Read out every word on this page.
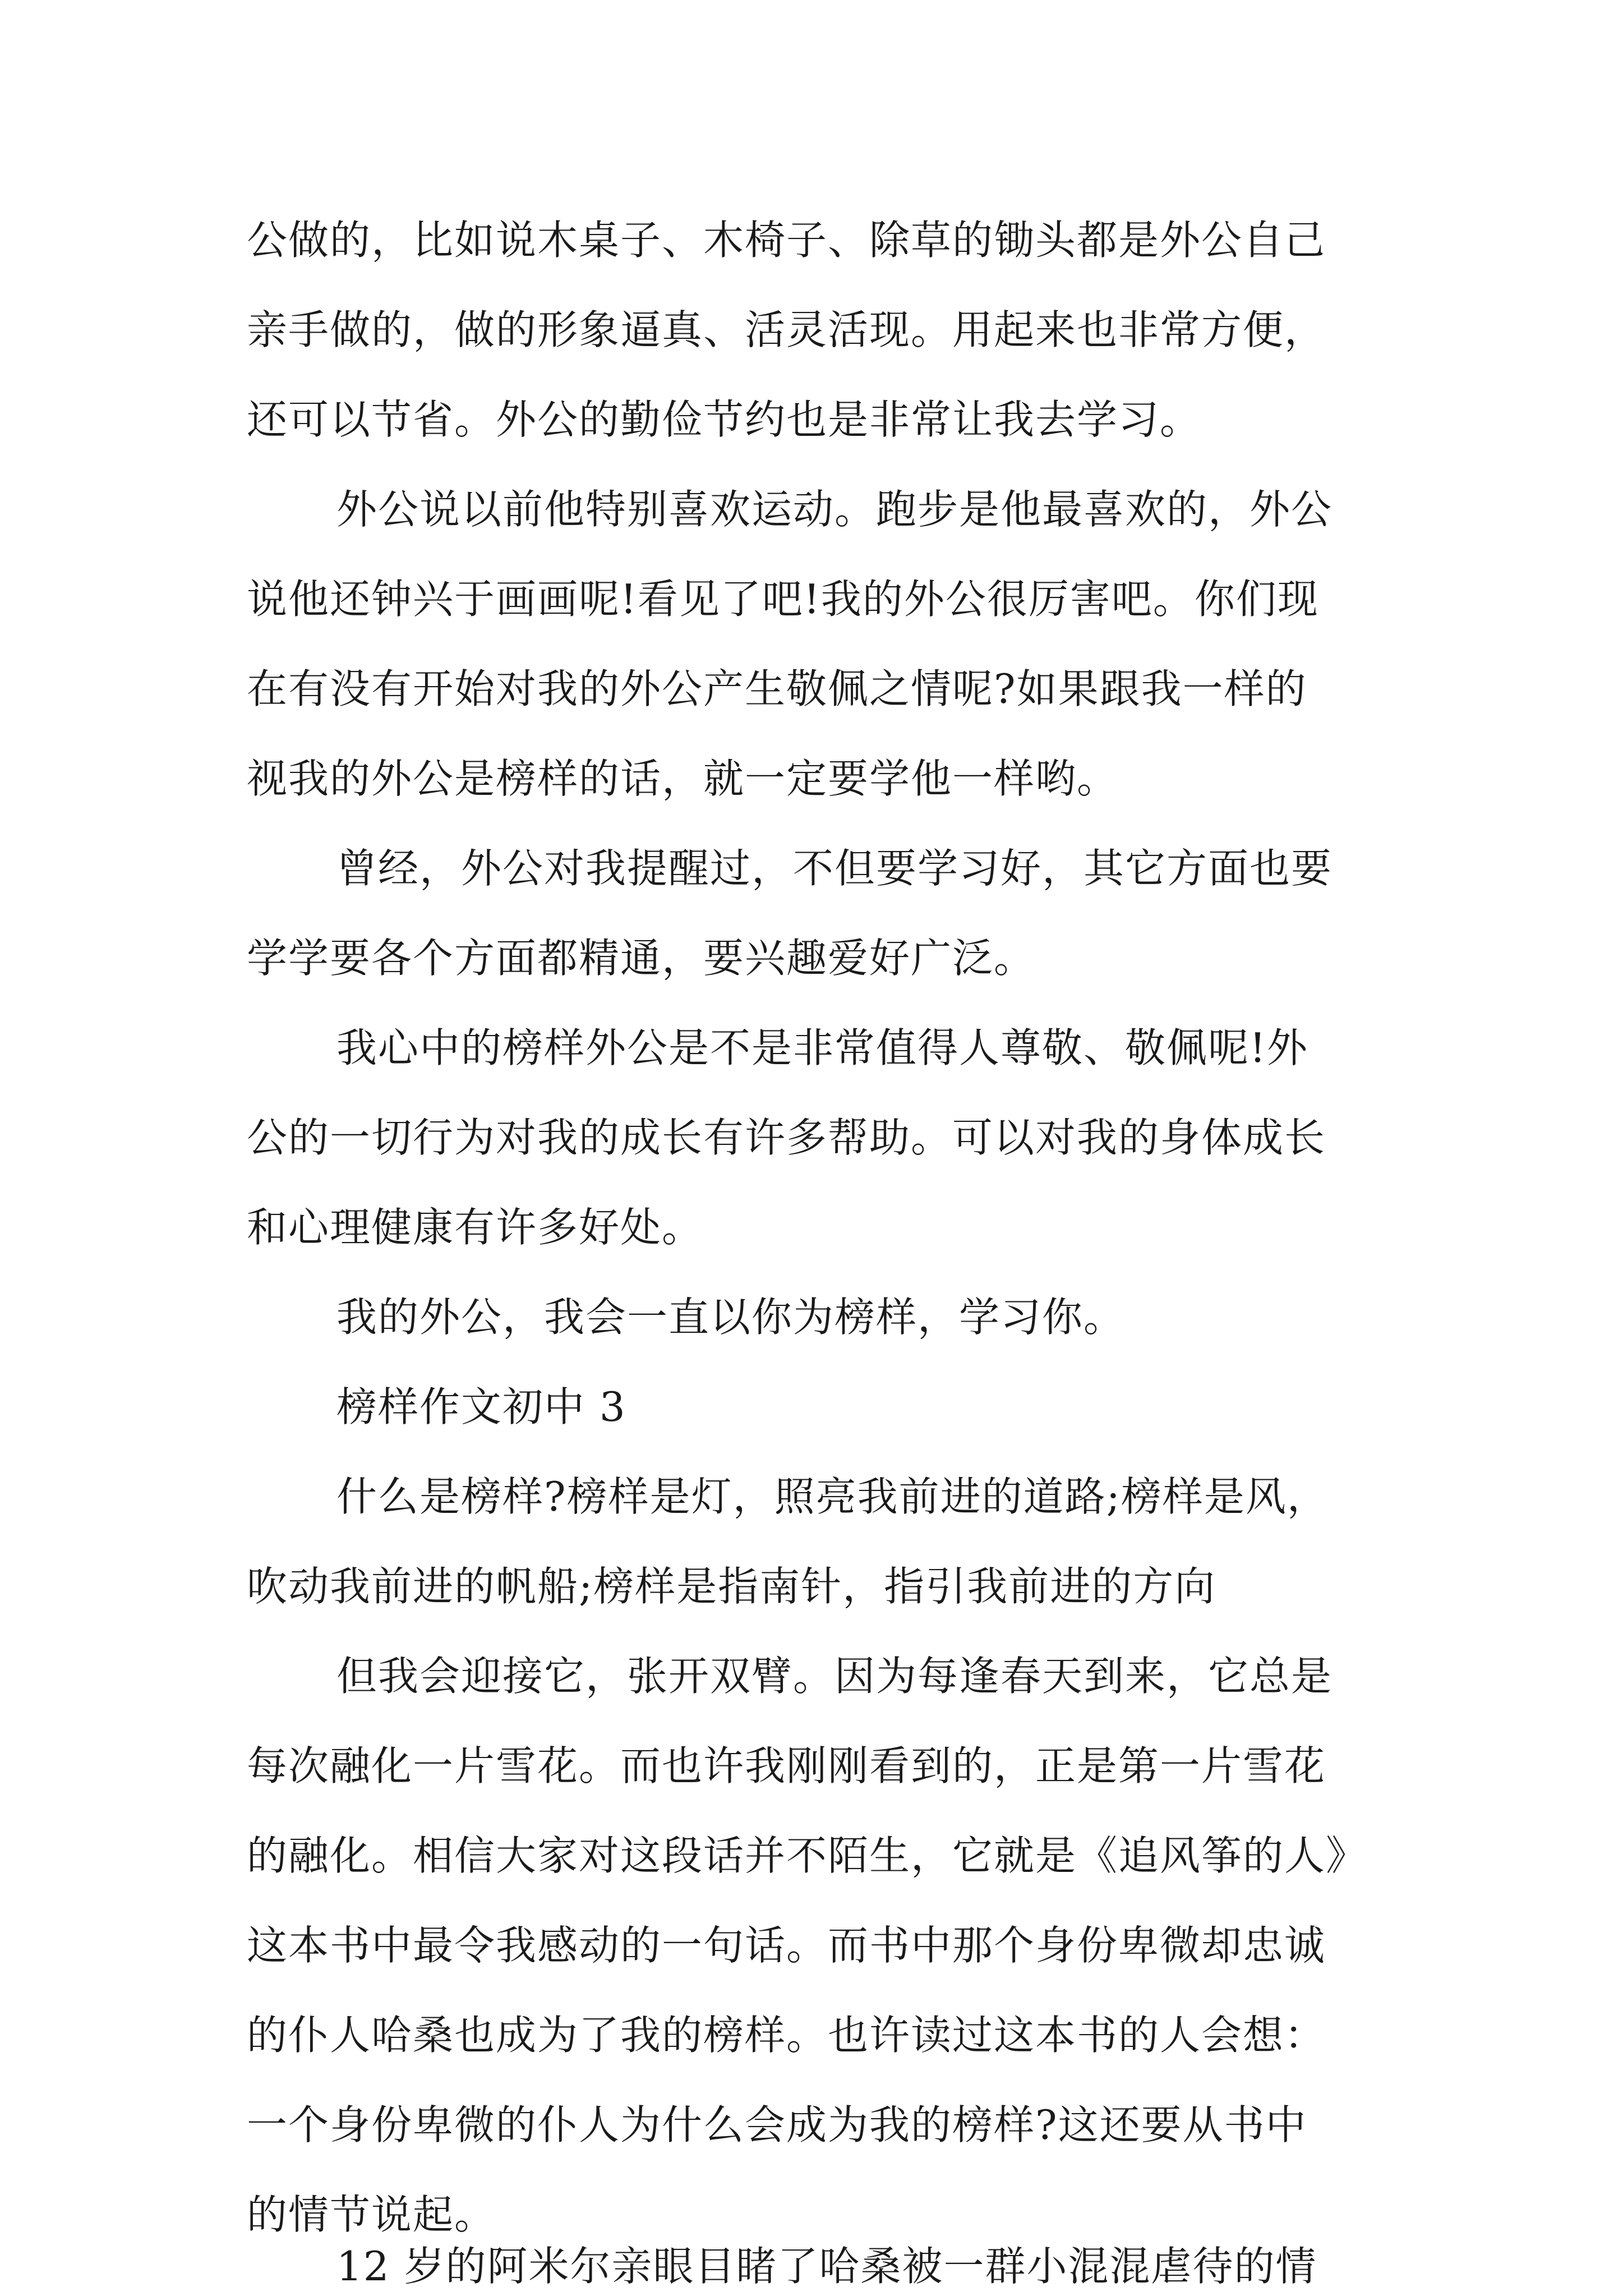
公做的，比如说木桌子、木椅子、除草的锄头都是外公自己
亲手做的，做的形象逼真、活灵活现。用起来也非常方便，
还可以节省。外公的勤俭节约也是非常让我去学习。
外公说以前他特别喜欢运动。跑步是他最喜欢的，外公
说他还钟兴于画画呢!看见了吧!我的外公很厉害吧。你们现
在有没有开始对我的外公产生敬佩之情呢?如果跟我一样的
视我的外公是榜样的话，就一定要学他一样哟。
曾经，外公对我提醒过，不但要学习好，其它方面也要
学学要各个方面都精通，要兴趣爱好广泛。
我心中的榜样外公是不是非常值得人尊敬、敬佩呢!外
公的一切行为对我的成长有许多帮助。可以对我的身体成长
和心理健康有许多好处。
我的外公，我会一直以你为榜样，学习你。
榜样作文初中 3
什么是榜样?榜样是灯，照亮我前进的道路;榜样是风，
吹动我前进的帆船;榜样是指南针，指引我前进的方向
但我会迎接它，张开双臂。因为每逢春天到来，它总是
每次融化一片雪花。而也许我刚刚看到的，正是第一片雪花
的融化。相信大家对这段话并不陌生，它就是《追风筝的人》
这本书中最令我感动的一句话。而书中那个身份卑微却忠诚
的仆人哈桑也成为了我的榜样。也许读过这本书的人会想：
一个身份卑微的仆人为什么会成为我的榜样?这还要从书中
的情节说起。
12 岁的阿米尔亲眼目睹了哈桑被一群小混混虐待的情
